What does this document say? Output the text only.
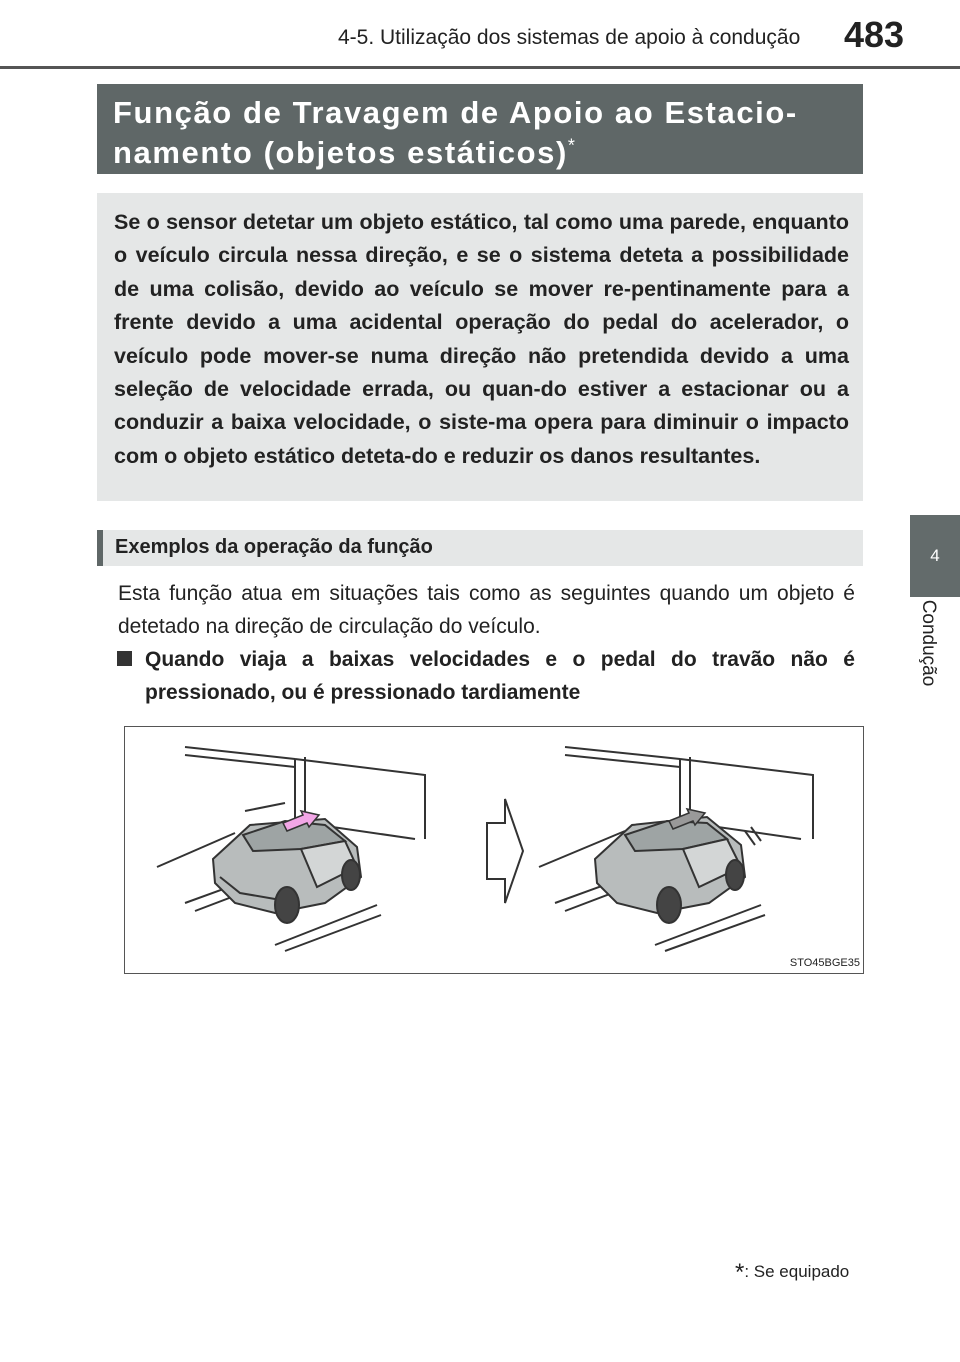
4-5. Utilização dos sistemas de apoio à condução 483
4
Condução
Função de Travagem de Apoio ao Estacio-namento (objetos estáticos)*
Se o sensor detetar um objeto estático, tal como uma parede, enquanto o veículo circula nessa direção, e se o sistema deteta a possibilidade de uma colisão, devido ao veículo se mover re-pentinamente para a frente devido a uma acidental operação do pedal do acelerador, o veículo pode mover-se numa direção não pretendida devido a uma seleção de velocidade errada, ou quan-do estiver a estacionar ou a conduzir a baixa velocidade, o siste-ma opera para diminuir o impacto com o objeto estático deteta-do e reduzir os danos resultantes.
Exemplos da operação da função
Esta função atua em situações tais como as seguintes quando um objeto é detetado na direção de circulação do veículo.
Quando viaja a baixas velocidades e o pedal do travão não é pressionado, ou é pressionado tardiamente
STO45BGE35
*: Se equipado
